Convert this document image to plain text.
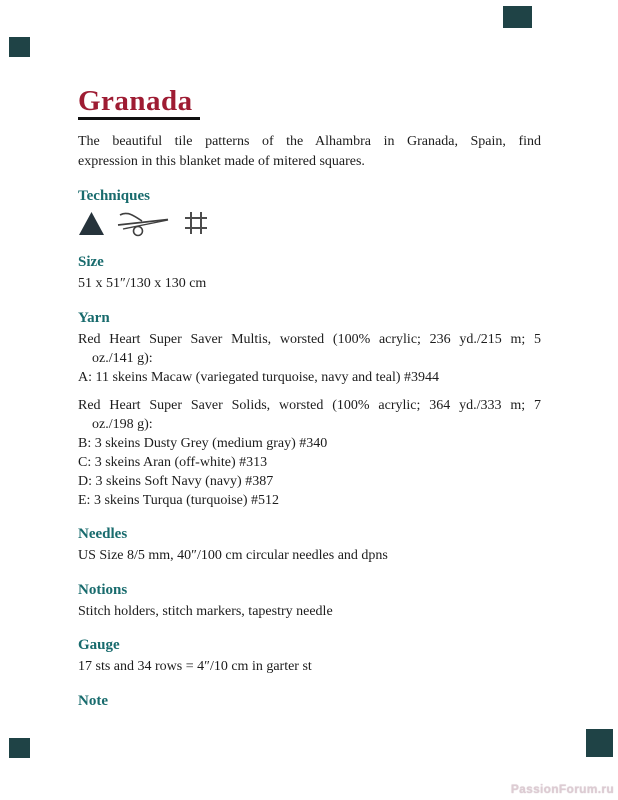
Granada
The beautiful tile patterns of the Alhambra in Granada, Spain, find
expression in this blanket made of mitered squares.
Techniques
Size
51 x 51″/130 x 130 cm
Yarn
Red Heart Super Saver Multis, worsted (100% acrylic; 236 yd./215 m; 5
oz./141 g):
A: 11 skeins Macaw (variegated turquoise, navy and teal) #3944
Red Heart Super Saver Solids, worsted (100% acrylic; 364 yd./333 m; 7
oz./198 g):
B: 3 skeins Dusty Grey (medium gray) #340
C: 3 skeins Aran (off-white) #313
D: 3 skeins Soft Navy (navy) #387
E: 3 skeins Turqua (turquoise) #512
Needles
US Size 8/5 mm, 40″/100 cm circular needles and dpns
Notions
Stitch holders, stitch markers, tapestry needle
Gauge
17 sts and 34 rows = 4″/10 cm in garter st
Note
PassionForum.ru
